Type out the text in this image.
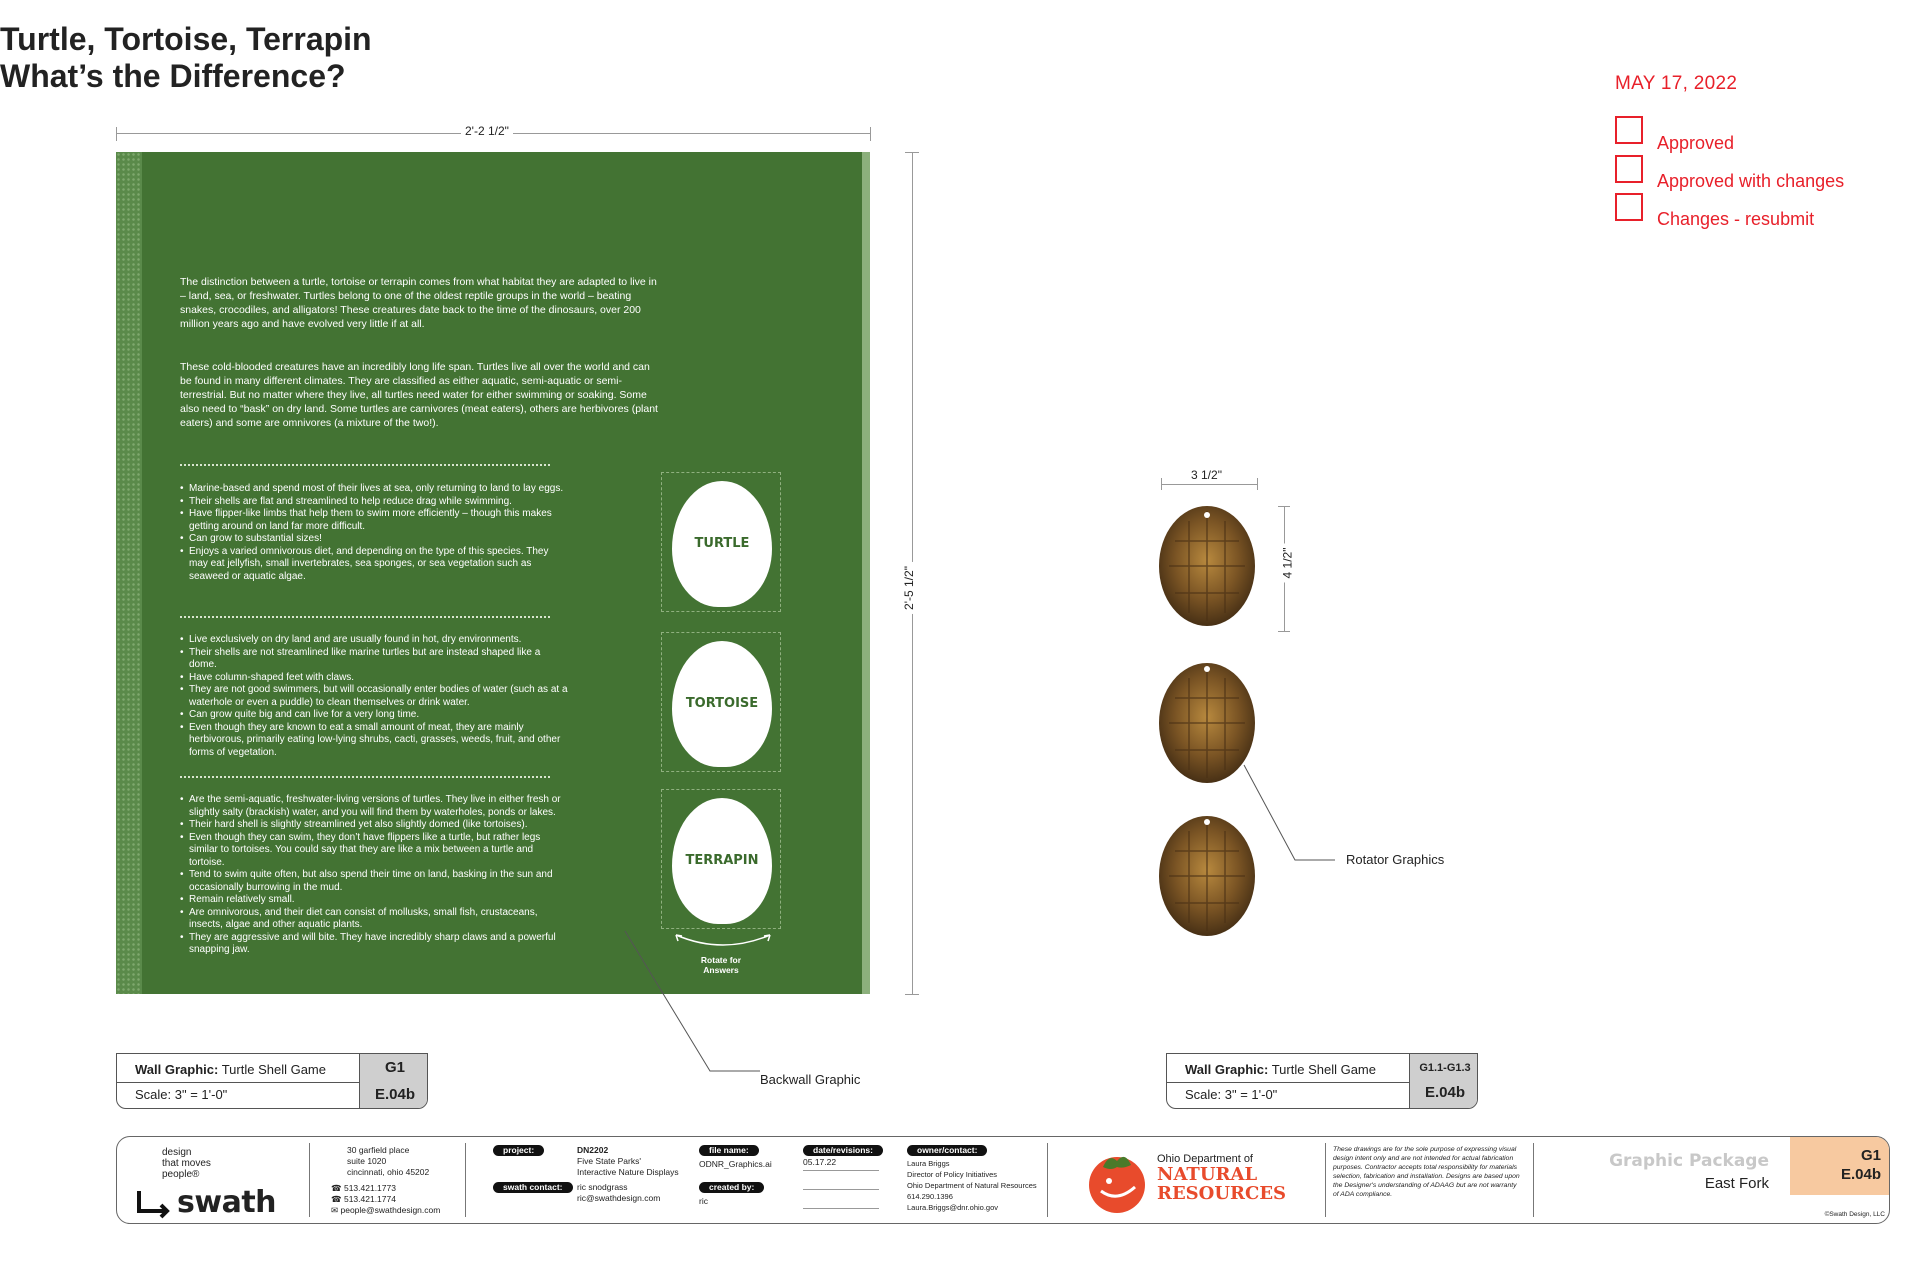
MAY 17, 2022
Approved
Approved with changes
Changes - resubmit
2'-2 1/2"
2'-5 1/2"
Turtle, Tortoise, Terrapin
What’s the Difference?
The distinction between a turtle, tortoise or terrapin comes from what habitat they are adapted to live in – land, sea, or freshwater. Turtles belong to one of the oldest reptile groups in the world – beating snakes, crocodiles, and alligators! These creatures date back to the time of the dinosaurs, over 200 million years ago and have evolved very little if at all.
These cold-blooded creatures have an incredibly long life span. Turtles live all over the world and can be found in many different climates. They are classified as either aquatic, semi-aquatic or semi-terrestrial. But no matter where they live, all turtles need water for either swimming or soaking. Some also need to “bask” on dry land. Some turtles are carnivores (meat eaters), others are herbivores (plant eaters) and some are omnivores (a mixture of the two!).
• Marine-based and spend most of their lives at sea, only returning to land to lay eggs.
• Their shells are flat and streamlined to help reduce drag while swimming.
• Have flipper-like limbs that help them to swim more efficiently – though this makes getting around on land far more difficult.
• Can grow to substantial sizes!
• Enjoys a varied omnivorous diet, and depending on the type of this species. They may eat jellyfish, small invertebrates, sea sponges, or sea vegetation such as seaweed or aquatic algae.
• Live exclusively on dry land and are usually found in hot, dry environments.
• Their shells are not streamlined like marine turtles but are instead shaped like a dome.
• Have column-shaped feet with claws.
• They are not good swimmers, but will occasionally enter bodies of water (such as at a waterhole or even a puddle) to clean themselves or drink water.
• Can grow quite big and can live for a very long time.
• Even though they are known to eat a small amount of meat, they are mainly herbivorous, primarily eating low-lying shrubs, cacti, grasses, weeds, fruit, and other forms of vegetation.
• Are the semi-aquatic, freshwater-living versions of turtles. They live in either fresh or slightly salty (brackish) water, and you will find them by waterholes, ponds or lakes.
• Their hard shell is slightly streamlined yet also slightly domed (like tortoises).
• Even though they can swim, they don’t have flippers like a turtle, but rather legs similar to tortoises. You could say that they are like a mix between a turtle and tortoise.
• Tend to swim quite often, but also spend their time on land, basking in the sun and occasionally burrowing in the mud.
• Remain relatively small.
• Are omnivorous, and their diet can consist of mollusks, small fish, crustaceans, insects, algae and other aquatic plants.
• They are aggressive and will bite. They have incredibly sharp claws and a powerful snapping jaw.
TURTLE
TORTOISE
TERRAPIN
Rotate for
Answers
Backwall Graphic
3 1/2"
4 1/2"
Rotator Graphics
Wall Graphic: Turtle Shell Game
Scale: 3" = 1'-0"
G1
E.04b
Wall Graphic: Turtle Shell Game
Scale: 3" = 1'-0"
G1.1-G1.3
E.04b
design
that moves
people®
swath
30 garfield place
suite 1020
cincinnati, ohio 45202
☎ 513.421.1773
☎ 513.421.1774
✉ people@swathdesign.com
project:	DN2202
Five State Parks'
Interactive Nature Displays
swath contact:	ric snodgrass
ric@swathdesign.com
file name:
ODNR_Graphics.ai
created by:
ric
date/revisions:
05.17.22
owner/contact:
Laura Briggs
Director of Policy Initiatives
Ohio Department of Natural Resources
614.290.1396
Laura.Briggs@dnr.ohio.gov
Ohio Department of
NATURAL
RESOURCES
These drawings are for the sole purpose of expressing visual design intent only and are not intended for actual fabrication purposes. Contractor accepts total responsibility for materials selection, fabrication and installation. Designs are based upon the Designer's understanding of ADAAG but are not warranty of ADA compliance.
Graphic Package
East Fork
G1
E.04b
©Swath Design, LLC
